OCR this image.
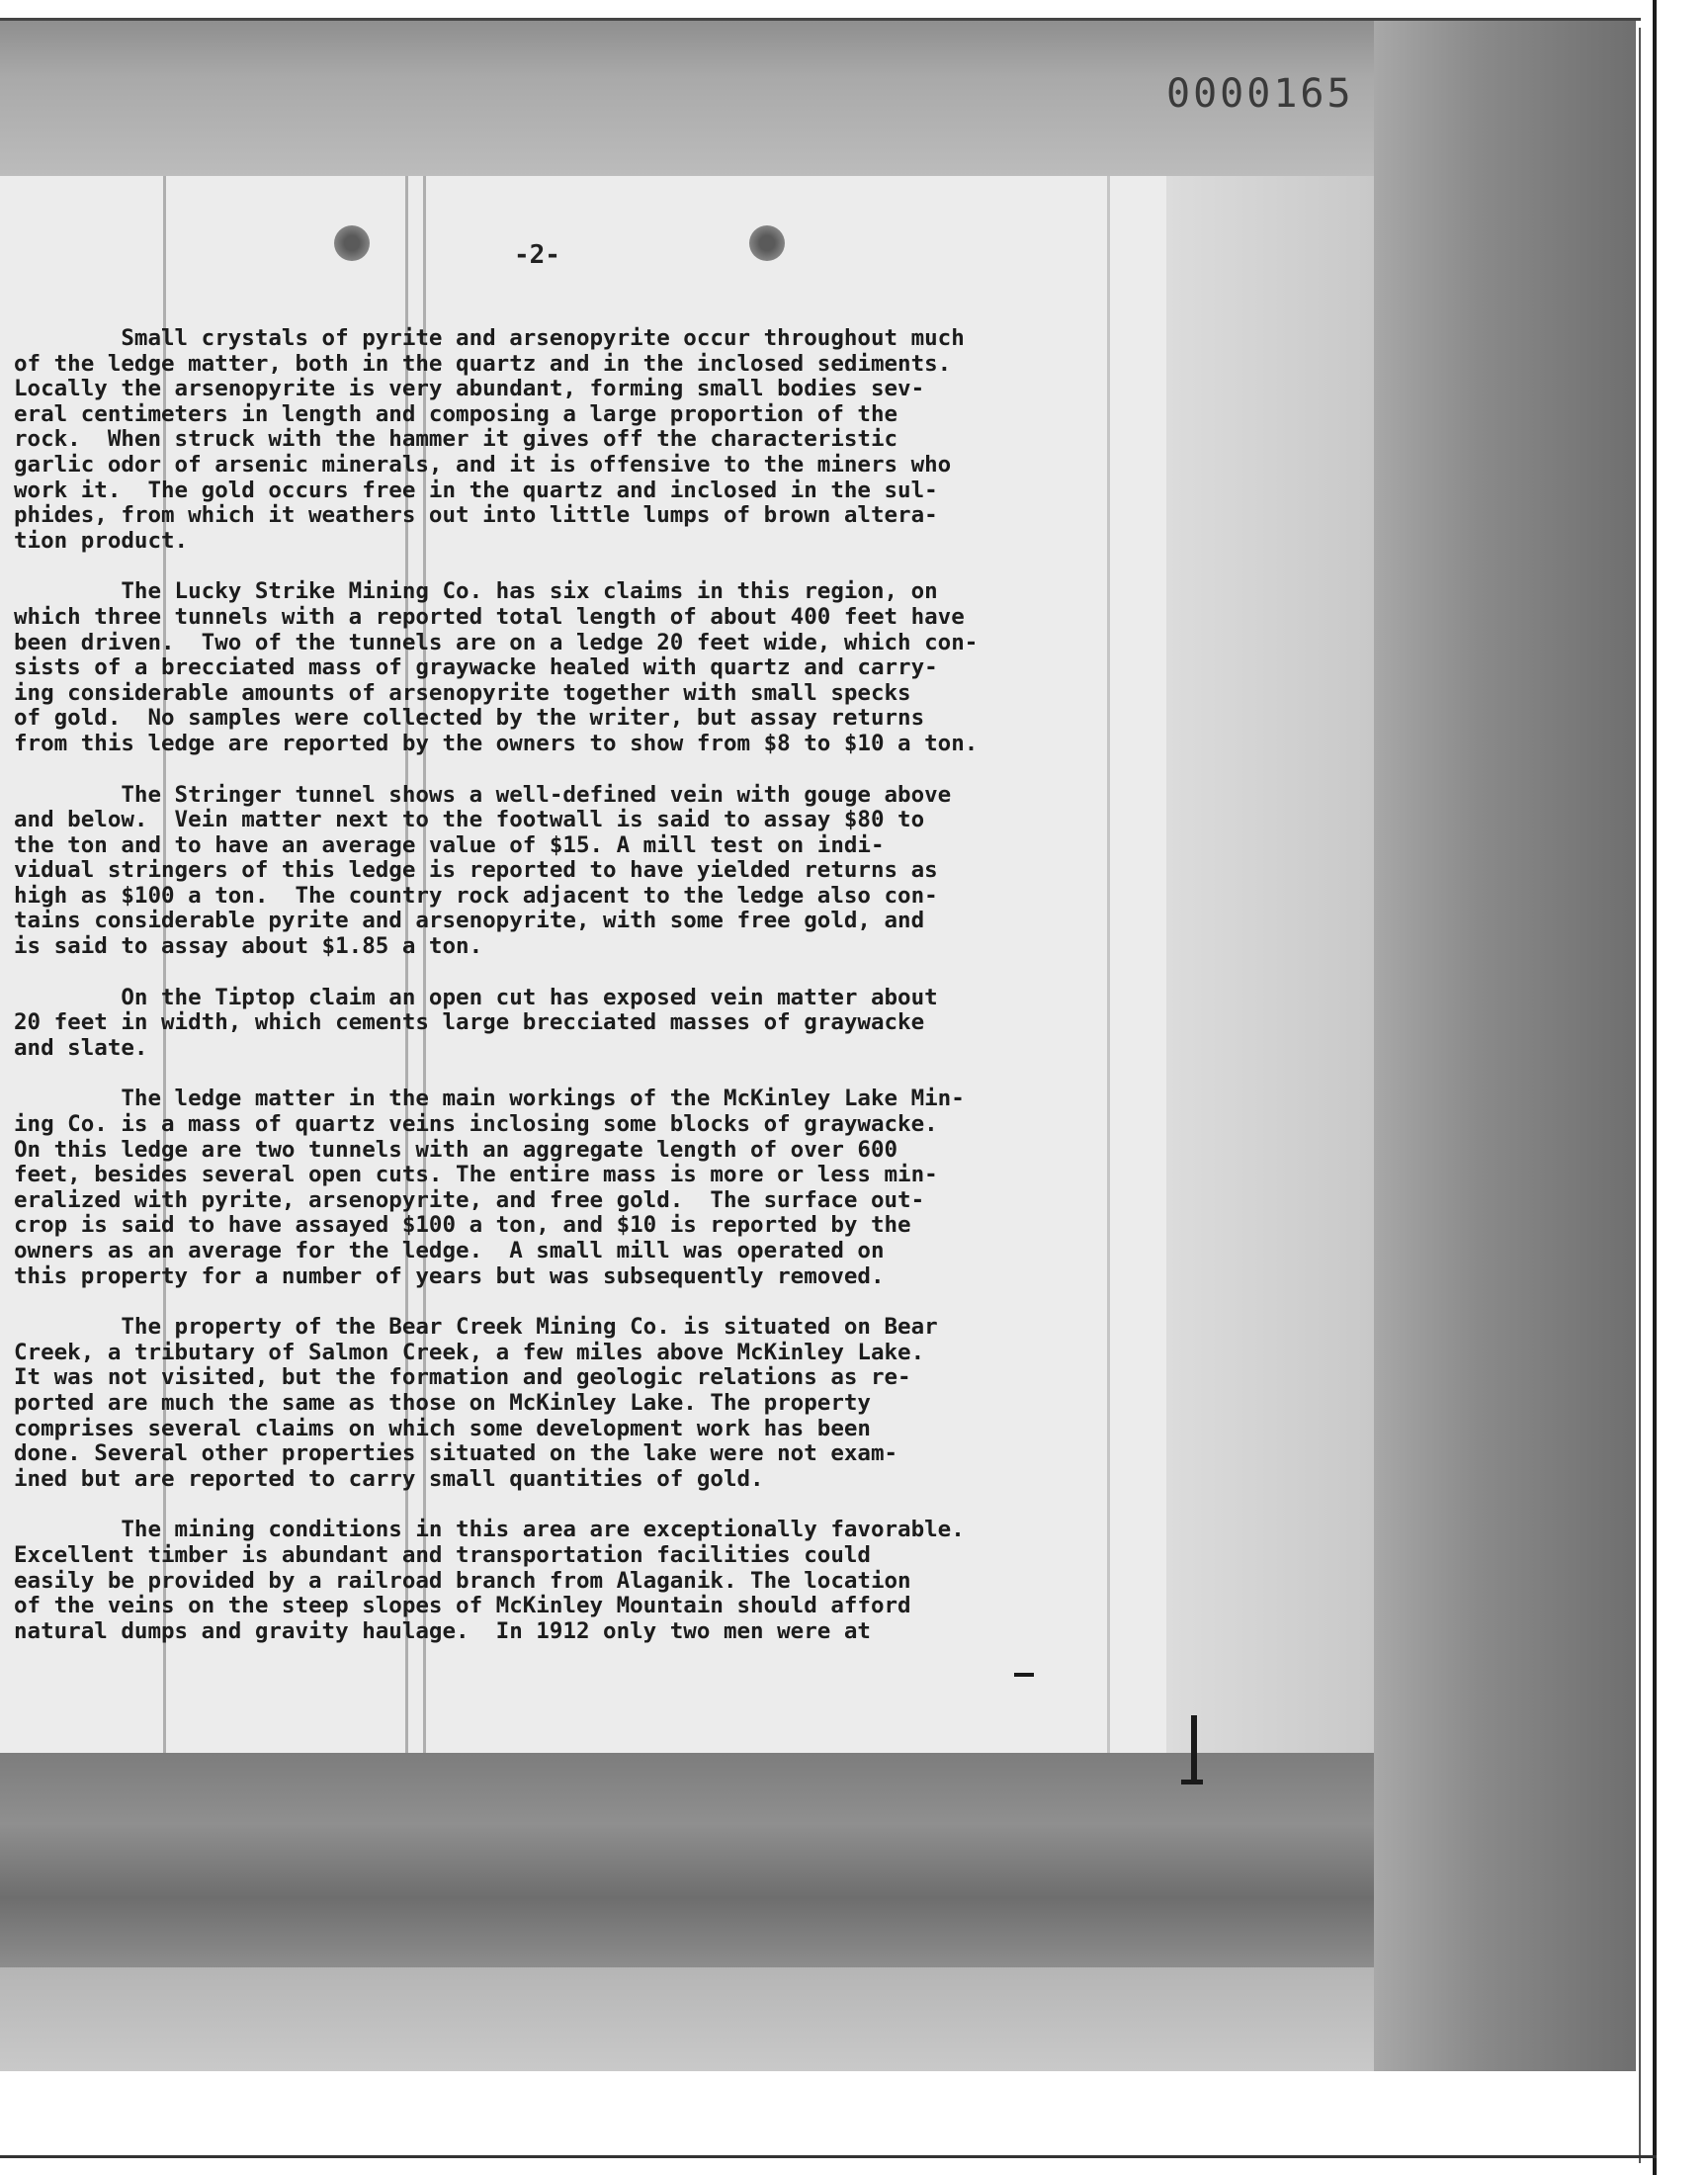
0000165
-2-
Small crystals of pyrite and arsenopyrite occur throughout much
of the ledge matter, both in the quartz and in the inclosed sediments.
Locally the arsenopyrite is very abundant, forming small bodies sev-
eral centimeters in length and composing a large proportion of the
rock.  When struck with the hammer it gives off the characteristic
garlic odor of arsenic minerals, and it is offensive to the miners who
work it.  The gold occurs free in the quartz and inclosed in the sul-
phides, from which it weathers out into little lumps of brown altera-
tion product.
The Lucky Strike Mining Co. has six claims in this region, on
which three tunnels with a reported total length of about 400 feet have
been driven.  Two of the tunnels are on a ledge 20 feet wide, which con-
sists of a brecciated mass of graywacke healed with quartz and carry-
ing considerable amounts of arsenopyrite together with small specks
of gold.  No samples were collected by the writer, but assay returns
from this ledge are reported by the owners to show from $8 to $10 a ton.
The Stringer tunnel shows a well-defined vein with gouge above
and below.  Vein matter next to the footwall is said to assay $80 to
the ton and to have an average value of $15. A mill test on indi-
vidual stringers of this ledge is reported to have yielded returns as
high as $100 a ton.  The country rock adjacent to the ledge also con-
tains considerable pyrite and arsenopyrite, with some free gold, and
is said to assay about $1.85 a ton.
On the Tiptop claim an open cut has exposed vein matter about
20 feet in width, which cements large brecciated masses of graywacke
and slate.
The ledge matter in the main workings of the McKinley Lake Min-
ing Co. is a mass of quartz veins inclosing some blocks of graywacke.
On this ledge are two tunnels with an aggregate length of over 600
feet, besides several open cuts. The entire mass is more or less min-
eralized with pyrite, arsenopyrite, and free gold.  The surface out-
crop is said to have assayed $100 a ton, and $10 is reported by the
owners as an average for the ledge.  A small mill was operated on
this property for a number of years but was subsequently removed.
The property of the Bear Creek Mining Co. is situated on Bear
Creek, a tributary of Salmon Creek, a few miles above McKinley Lake.
It was not visited, but the formation and geologic relations as re-
ported are much the same as those on McKinley Lake. The property
comprises several claims on which some development work has been
done. Several other properties situated on the lake were not exam-
ined but are reported to carry small quantities of gold.
The mining conditions in this area are exceptionally favorable.
Excellent timber is abundant and transportation facilities could
easily be provided by a railroad branch from Alaganik. The location
of the veins on the steep slopes of McKinley Mountain should afford
natural dumps and gravity haulage.  In 1912 only two men were at
